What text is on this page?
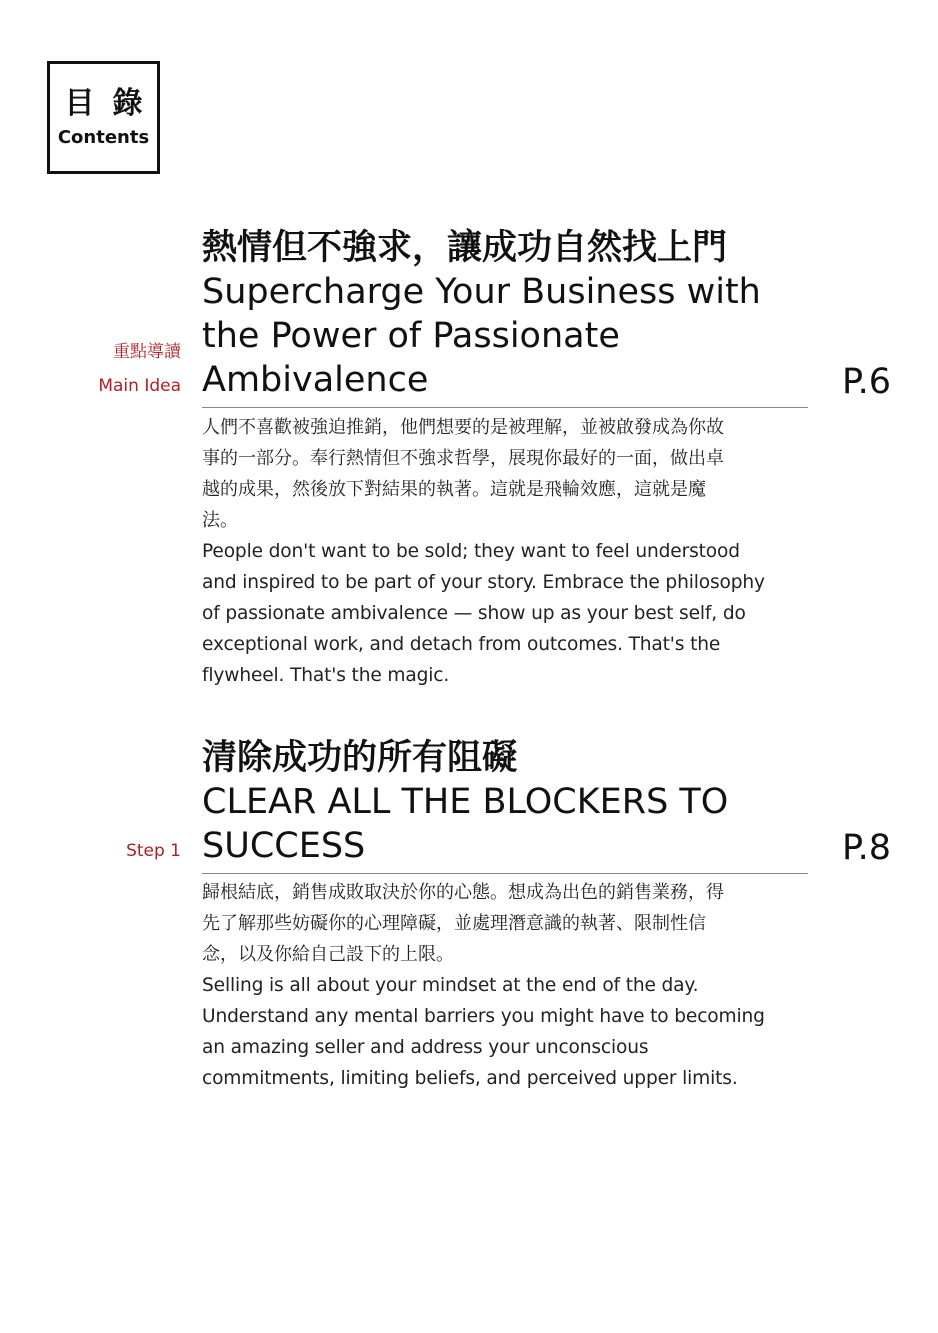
目錄
Contents
重點導讀
Main Idea
熱情但不強求，讓成功自然找上門
Supercharge Your Business with
the Power of Passionate
Ambivalence	P.6

人們不喜歡被強迫推銷，他們想要的是被理解，並被啟發成為你故

事的一部分。奉行熱情但不強求哲學，展現你最好的一面，做出卓

越的成果，然後放下對結果的執著。這就是飛輪效應，這就是魔

法。

People don't want to be sold; they want to feel understood

and inspired to be part of your story. Embrace the philosophy

of passionate ambivalence — show up as your best self, do

exceptional work, and detach from outcomes. That's the

flywheel. That's the magic.

Step 1
清除成功的所有阻礙
CLEAR ALL THE BLOCKERS TO
SUCCESS	P.8

歸根結底，銷售成敗取決於你的心態。想成為出色的銷售業務，得

先了解那些妨礙你的心理障礙，並處理潛意識的執著、限制性信

念，以及你給自己設下的上限。

Selling is all about your mindset at the end of the day.

Understand any mental barriers you might have to becoming

an amazing seller and address your unconscious

commitments, limiting beliefs, and perceived upper limits.
